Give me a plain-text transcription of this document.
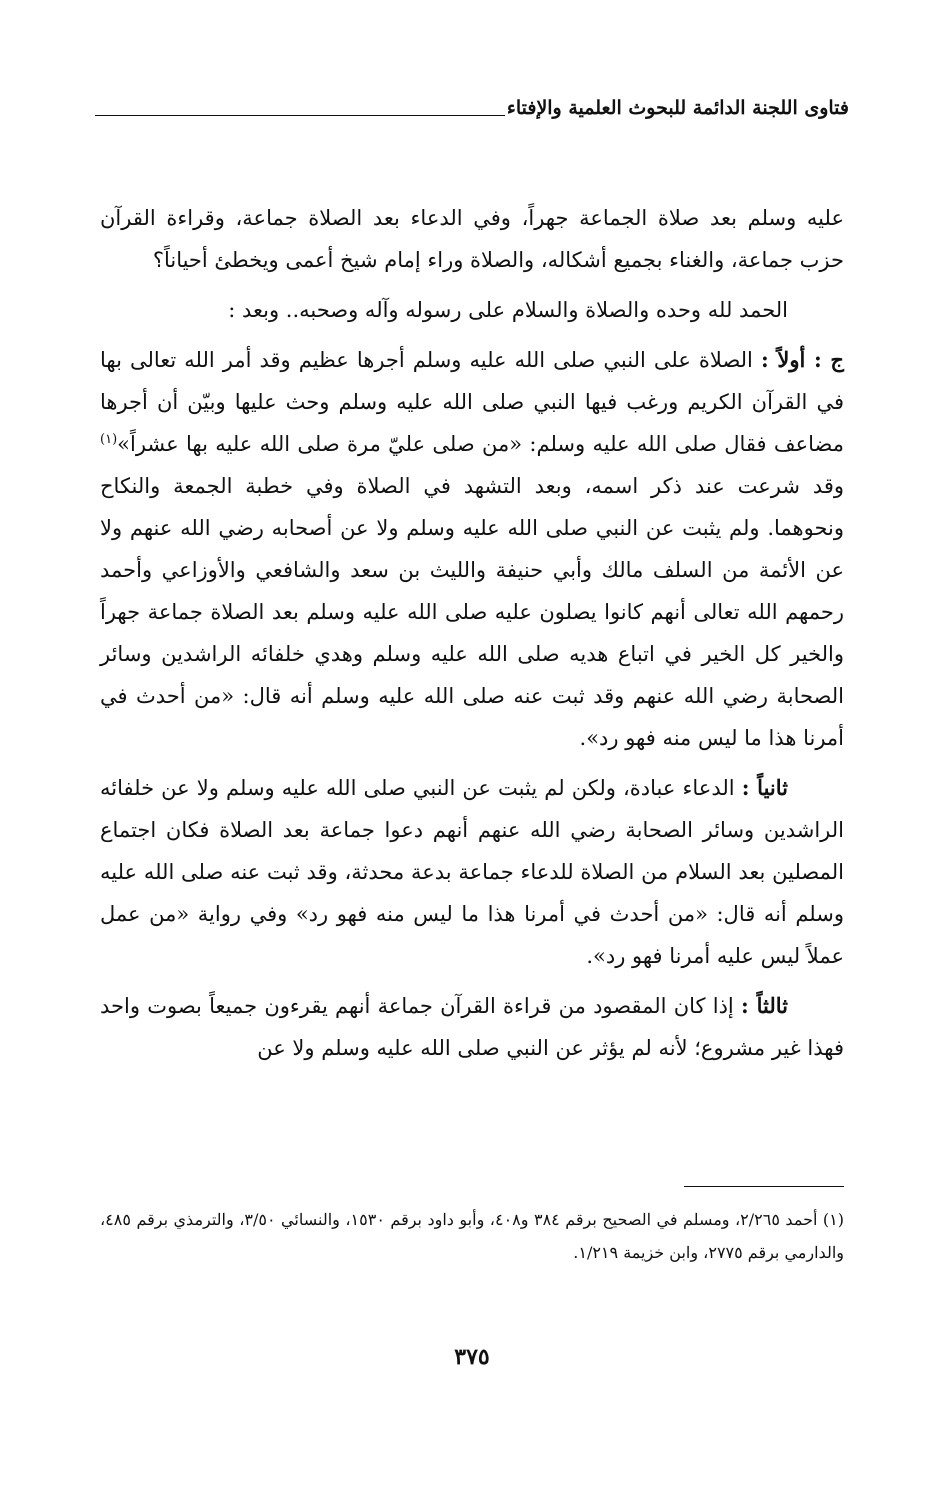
فتاوى اللجنة الدائمة للبحوث العلمية والإفتاء

عليه وسلم بعد صلاة الجماعة جهراً، وفي الدعاء بعد الصلاة جماعة، وقراءة القرآن حزب جماعة، والغناء بجميع أشكاله، والصلاة وراء إمام شيخ أعمى ويخطئ أحياناً؟

الحمد لله وحده والصلاة والسلام على رسوله وآله وصحبه.. وبعد :

ج : أولاً : الصلاة على النبي صلى الله عليه وسلم أجرها عظيم وقد أمر الله تعالى بها في القرآن الكريم ورغب فيها النبي صلى الله عليه وسلم وحث عليها وبيّن أن أجرها مضاعف فقال صلى الله عليه وسلم: «من صلى عليّ مرة صلى الله عليه بها عشراً»$^{(١)}$ وقد شرعت عند ذكر اسمه، وبعد التشهد في الصلاة وفي خطبة الجمعة والنكاح ونحوهما. ولم يثبت عن النبي صلى الله عليه وسلم ولا عن أصحابه رضي الله عنهم ولا عن الأئمة من السلف مالك وأبي حنيفة والليث بن سعد والشافعي والأوزاعي وأحمد رحمهم الله تعالى أنهم كانوا يصلون عليه صلى الله عليه وسلم بعد الصلاة جماعة جهراً والخير كل الخير في اتباع هديه صلى الله عليه وسلم وهدي خلفائه الراشدين وسائر الصحابة رضي الله عنهم وقد ثبت عنه صلى الله عليه وسلم أنه قال: «من أحدث في أمرنا هذا ما ليس منه فهو رد».

ثانياً : الدعاء عبادة، ولكن لم يثبت عن النبي صلى الله عليه وسلم ولا عن خلفائه الراشدين وسائر الصحابة رضي الله عنهم أنهم دعوا جماعة بعد الصلاة فكان اجتماع المصلين بعد السلام من الصلاة للدعاء جماعة بدعة محدثة، وقد ثبت عنه صلى الله عليه وسلم أنه قال: «من أحدث في أمرنا هذا ما ليس منه فهو رد» وفي رواية «من عمل عملاً ليس عليه أمرنا فهو رد».

ثالثاً : إذا كان المقصود من قراءة القرآن جماعة أنهم يقرءون جميعاً بصوت واحد فهذا غير مشروع؛ لأنه لم يؤثر عن النبي صلى الله عليه وسلم ولا عن

(١) أحمد ٢/٢٦٥، ومسلم في الصحيح برقم ٣٨٤ و٤٠٨، وأبو داود برقم ١٥٣٠، والنسائي ٣/٥٠، والترمذي برقم ٤٨٥، والدارمي برقم ٢٧٧٥، وابن خزيمة ١/٢١٩.

٣٧٥
